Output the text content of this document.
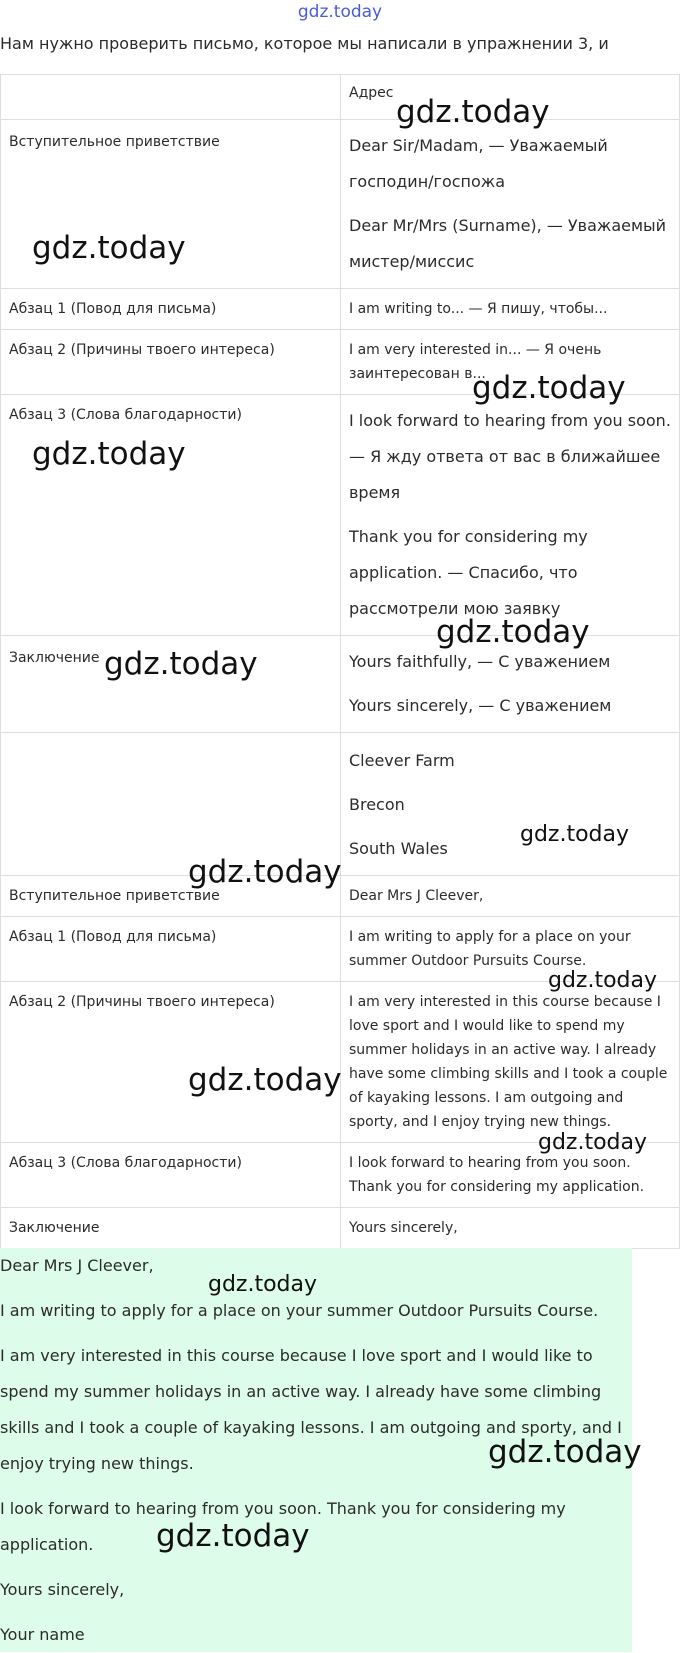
gdz.today
Нам нужно проверить письмо, которое мы написали в упражнении 3, и

	Адрес

Вступительное приветствие	Dear Sir/Madam, — Уважаемый господин/госпожа
Dear Mr/Mrs (Surname), — Уважаемый мистер/миссис

Абзац 1 (Повод для письма)	I am writing to... — Я пишу, чтобы...

Абзац 2 (Причины твоего интереса)	I am very interested in... — Я очень заинтересован в...

Абзац 3 (Слова благодарности)	I look forward to hearing from you soon. — Я жду ответа от вас в ближайшее время
Thank you for considering my application. — Спасибо, что рассмотрели мою заявку

Заключение	Yours faithfully, — С уважением
Yours sincerely, — С уважением

	Cleever Farm
Brecon
South Wales

Вступительное приветствие	Dear Mrs J Cleever,

Абзац 1 (Повод для письма)	I am writing to apply for a place on your summer Outdoor Pursuits Course.

Абзац 2 (Причины твоего интереса)	I am very interested in this course because I love sport and I would like to spend my summer holidays in an active way. I already have some climbing skills and I took a couple of kayaking lessons. I am outgoing and sporty, and I enjoy trying new things.

Абзац 3 (Слова благодарности)	I look forward to hearing from you soon. Thank you for considering my application.

Заключение	Yours sincerely,

Dear Mrs J Cleever,

I am writing to apply for a place on your summer Outdoor Pursuits Course.

I am very interested in this course because I love sport and I would like to spend my summer holidays in an active way. I already have some climbing skills and I took a couple of kayaking lessons. I am outgoing and sporty, and I enjoy trying new things.

I look forward to hearing from you soon. Thank you for considering my application.

Yours sincerely,

Your name

gdz.today
gdz.today
gdz.today
gdz.today
gdz.today
gdz.today
gdz.today
gdz.today
gdz.today
gdz.today
gdz.today
gdz.today
gdz.today
gdz.today
